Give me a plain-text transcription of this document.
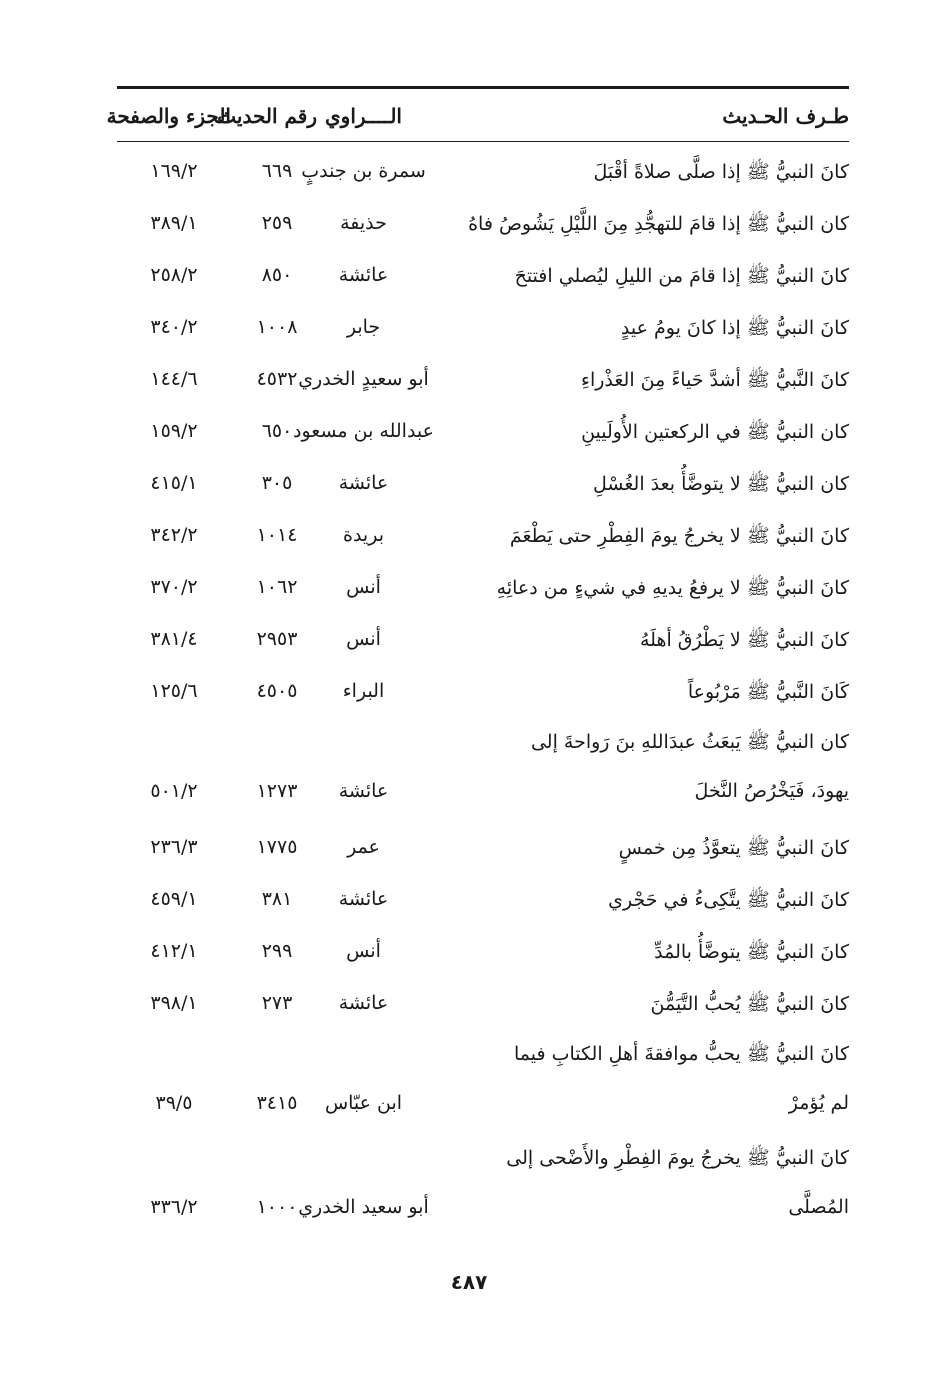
طـرف الحـديث
الــــراوي
رقم الحديث
الجزء والصفحة
كانَ النبيُّ ﷺ إذا صلَّى صلاةً أقْبَلَ
سمرة بن جندبٍ
٦٦٩
١٦٩/٢
كان النبيُّ ﷺ إذا قامَ للتهجُّدِ مِنَ اللَّيْلِ يَشُوصُ فاهُ
حذيفة
٢٥٩
٣٨٩/١
كانَ النبيُّ ﷺ إذا قامَ من الليلِ ليُصلي افتتحَ
عائشة
٨٥٠
٢٥٨/٢
كانَ النبيُّ ﷺ إذا كانَ يومُ عيدٍ
جابر
١٠٠٨
٣٤٠/٢
كانَ النَّبيُّ ﷺ أشدَّ حَياءً مِنَ العَذْراءِ
أبو سعيدٍ الخدري
٤٥٣٢
١٤٤/٦
كان النبيُّ ﷺ في الركعتين الأُولَيينِ
عبدالله بن مسعود
٦٥٠
١٥٩/٢
كان النبيُّ ﷺ لا يتوضَّأُ بعدَ الغُسْلِ
عائشة
٣٠٥
٤١٥/١
كانَ النبيُّ ﷺ لا يخرجُ يومَ الفِطْرِ حتى يَطْعَمَ
بريدة
١٠١٤
٣٤٢/٢
كانَ النبيُّ ﷺ لا يرفعُ يديهِ في شيءٍ من دعائِهِ
أنس
١٠٦٢
٣٧٠/٢
كانَ النبيُّ ﷺ لا يَطْرُقُ أهلَهُ
أنس
٢٩٥٣
٣٨١/٤
كَانَ النَّبيُّ ﷺ مَرْبُوعاً
البراء
٤٥٠٥
١٢٥/٦
كان النبيُّ ﷺ يَبعَثُ عبدَاللهِ بنَ رَواحةَ إلى
يهودَ، فَيَخْرُصُ النَّخلَ
عائشة
١٢٧٣
٥٠١/٢
كانَ النبيُّ ﷺ يتعوَّذُ مِن خمسٍ
عمر
١٧٧٥
٢٣٦/٣
كانَ النبيُّ ﷺ يتَّكِىءُ في حَجْري
عائشة
٣٨١
٤٥٩/١
كانَ النبيُّ ﷺ يتوضَّأُ بالمُدِّ
أنس
٢٩٩
٤١٢/١
كانَ النبيُّ ﷺ يُحبُّ التَّيَمُّنَ
عائشة
٢٧٣
٣٩٨/١
كانَ النبيُّ ﷺ يحبُّ موافقةَ أهلِ الكتابِ فيما
لم يُؤمرْ
ابن عبّاس
٣٤١٥
٣٩/٥
كانَ النبيُّ ﷺ يخرجُ يومَ الفِطْرِ والأَضْحى إلى
المُصلَّى
أبو سعيد الخدري
١٠٠٠
٣٣٦/٢
٤٨٧
